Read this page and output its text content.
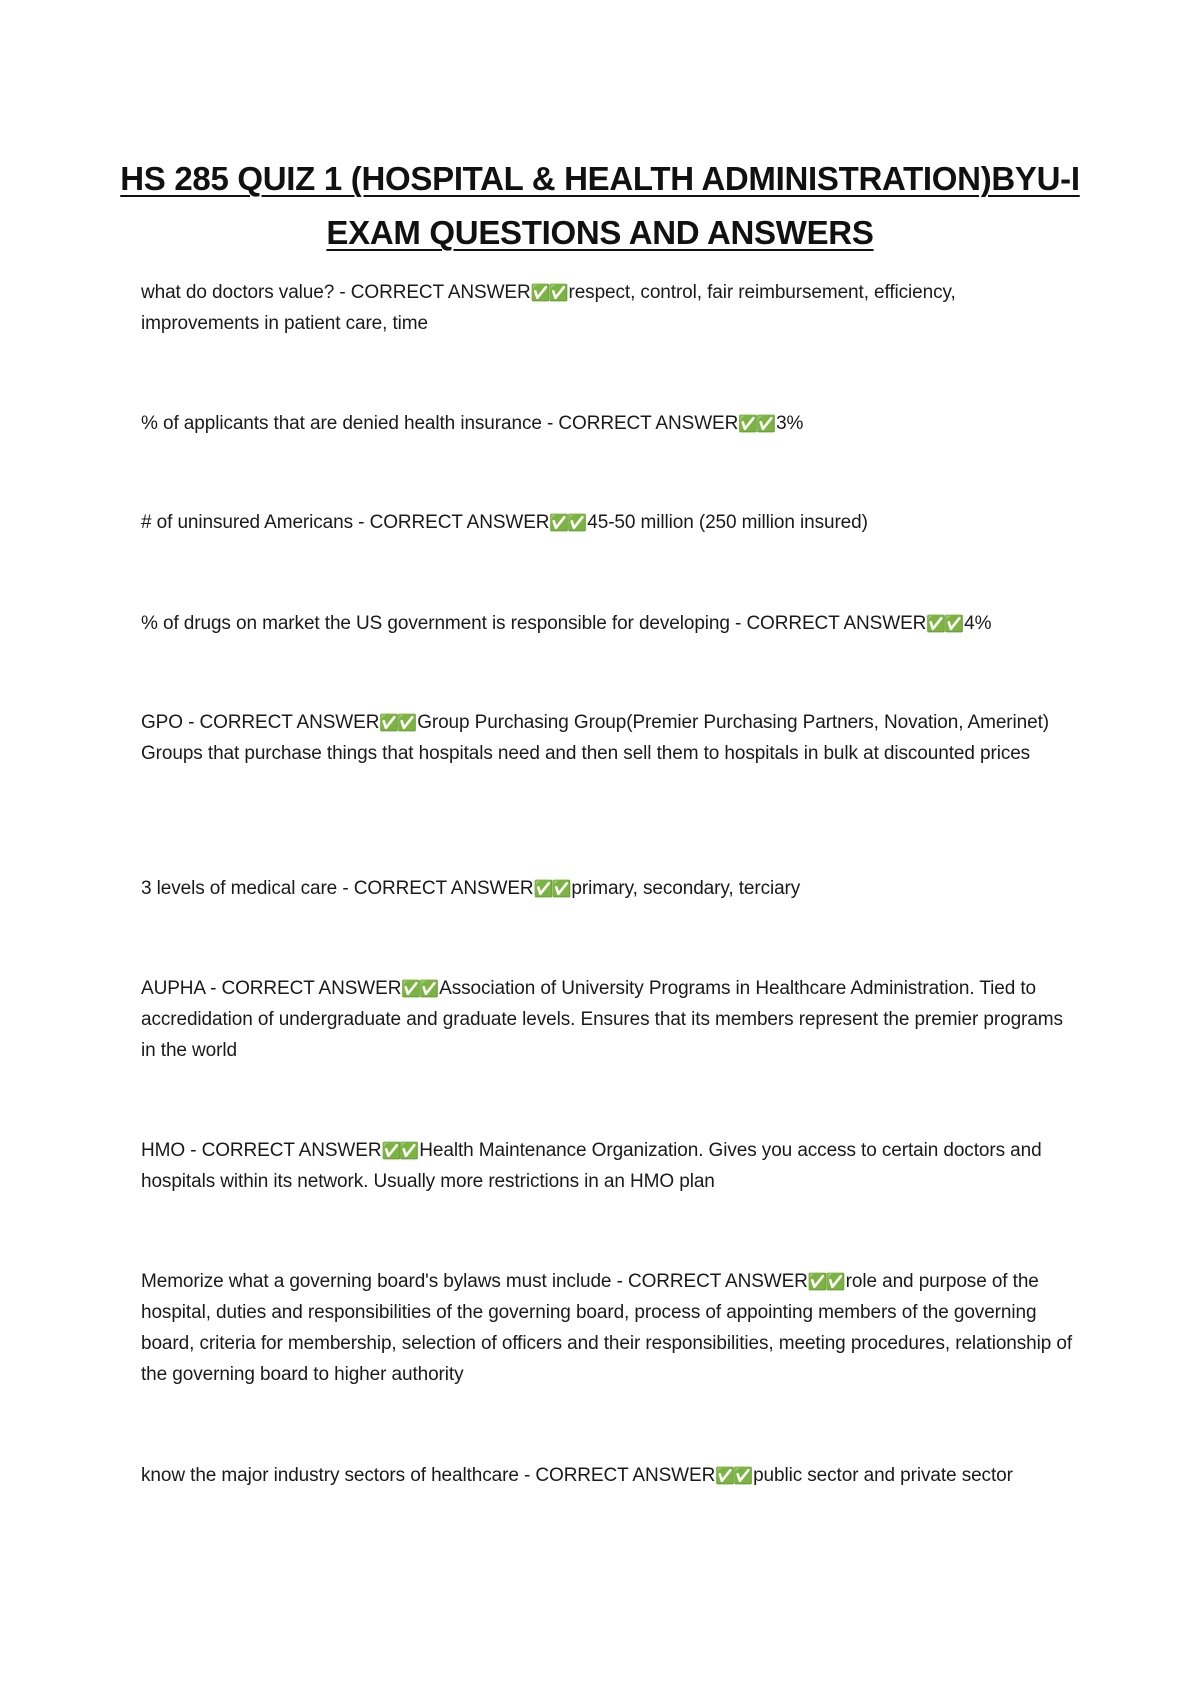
HS 285 QUIZ 1 (HOSPITAL & HEALTH ADMINISTRATION)BYU-I
EXAM QUESTIONS AND ANSWERS
what do doctors value? - CORRECT ANSWER✅✅ respect, control, fair reimbursement, efficiency, improvements in patient care, time
% of applicants that are denied health insurance - CORRECT ANSWER✅✅ 3%
# of uninsured Americans - CORRECT ANSWER✅✅ 45-50 million (250 million insured)
% of drugs on market the US government is responsible for developing - CORRECT ANSWER✅✅ 4%
GPO - CORRECT ANSWER✅✅ Group Purchasing Group(Premier Purchasing Partners, Novation, Amerinet) Groups that purchase things that hospitals need and then sell them to hospitals in bulk at discounted prices
3 levels of medical care - CORRECT ANSWER✅✅ primary, secondary, terciary
AUPHA - CORRECT ANSWER✅✅ Association of University Programs in Healthcare Administration. Tied to accredidation of undergraduate and graduate levels. Ensures that its members represent the premier programs in the world
HMO - CORRECT ANSWER✅✅ Health Maintenance Organization. Gives you access to certain doctors and hospitals within its network. Usually more restrictions in an HMO plan
Memorize what a governing board's bylaws must include - CORRECT ANSWER✅✅ role and purpose of the hospital, duties and responsibilities of the governing board, process of appointing members of the governing board, criteria for membership, selection of officers and their responsibilities, meeting procedures, relationship of the governing board to higher authority
know the major industry sectors of healthcare - CORRECT ANSWER✅✅ public sector and private sector
